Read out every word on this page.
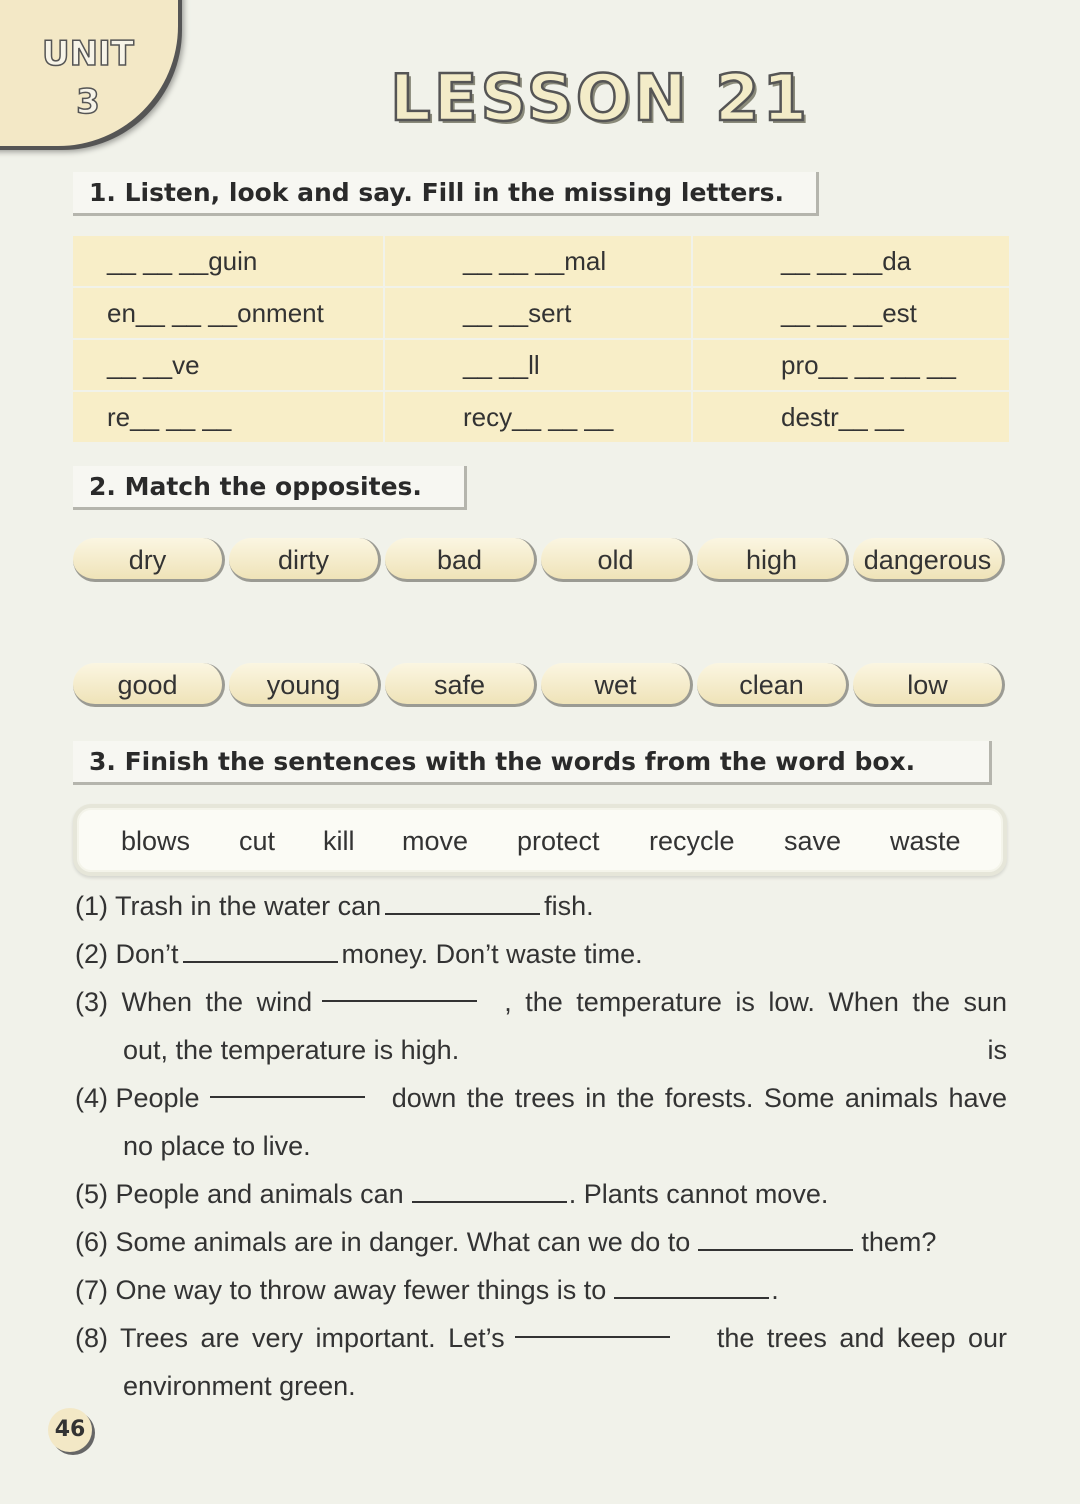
UNIT
3	LESSON 21
1. Listen, look and say. Fill in the missing letters.
__ __ __guin	__ __ __mal	__ __ __da
en__ __ __onment	__ __sert	__ __ __est
__ __ve	__ __ll	pro__ __ __ __
re__ __ __	recy__ __ __	destr__ __
2. Match the opposites.
dry	dirty	bad	old	high	dangerous
good	young	safe	wet	clean	low
3. Finish the sentences with the words from the word box.
blows cut kill move protect recycle save waste
(1) Trash in the water can	fish.
(2) Don’t	money. Don’t waste time.
(3) When the wind	, the temperature is low. When the sun is
out, the temperature is high.
(4) People	down the trees in the forests. Some animals have
no place to live.
(5) People and animals can	. Plants cannot move.
(6) Some animals are in danger. What can we do to	them?
(7) One way to throw away fewer things is to	.
(8) Trees are very important. Let’s	the trees and keep our
environment green.
46
